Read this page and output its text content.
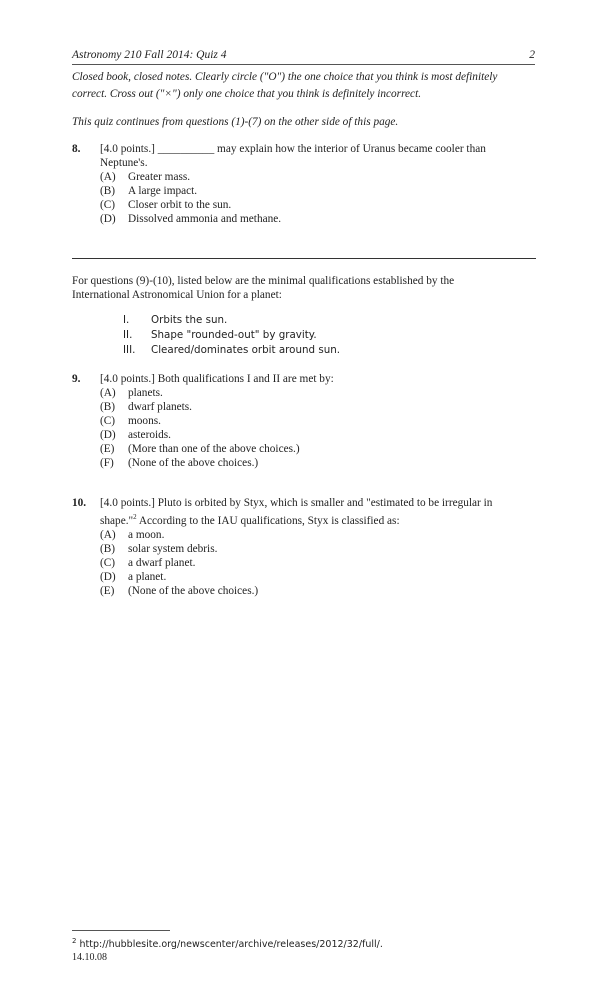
Astronomy 210 Fall 2014: Quiz 4	2
Closed book, closed notes. Clearly circle ("O") the one choice that you think is most definitely
correct. Cross out ("×") only one choice that you think is definitely incorrect.
This quiz continues from questions (1)-(7) on the other side of this page.
8. [4.0 points.] __________ may explain how the interior of Uranus became cooler than
Neptune's.
(A) Greater mass.
(B) A large impact.
(C) Closer orbit to the sun.
(D) Dissolved ammonia and methane.
For questions (9)-(10), listed below are the minimal qualifications established by the
International Astronomical Union for a planet:
I. Orbits the sun.
II. Shape "rounded-out" by gravity.
III. Cleared/dominates orbit around sun.
9. [4.0 points.] Both qualifications I and II are met by:
(A) planets.
(B) dwarf planets.
(C) moons.
(D) asteroids.
(E) (More than one of the above choices.)
(F) (None of the above choices.)
10. [4.0 points.] Pluto is orbited by Styx, which is smaller and "estimated to be irregular in
shape."$^2$ According to the IAU qualifications, Styx is classified as:
(A) a moon.
(B) solar system debris.
(C) a dwarf planet.
(D) a planet.
(E) (None of the above choices.)
$^2$ http://hubblesite.org/newscenter/archive/releases/2012/32/full/.
14.10.08
